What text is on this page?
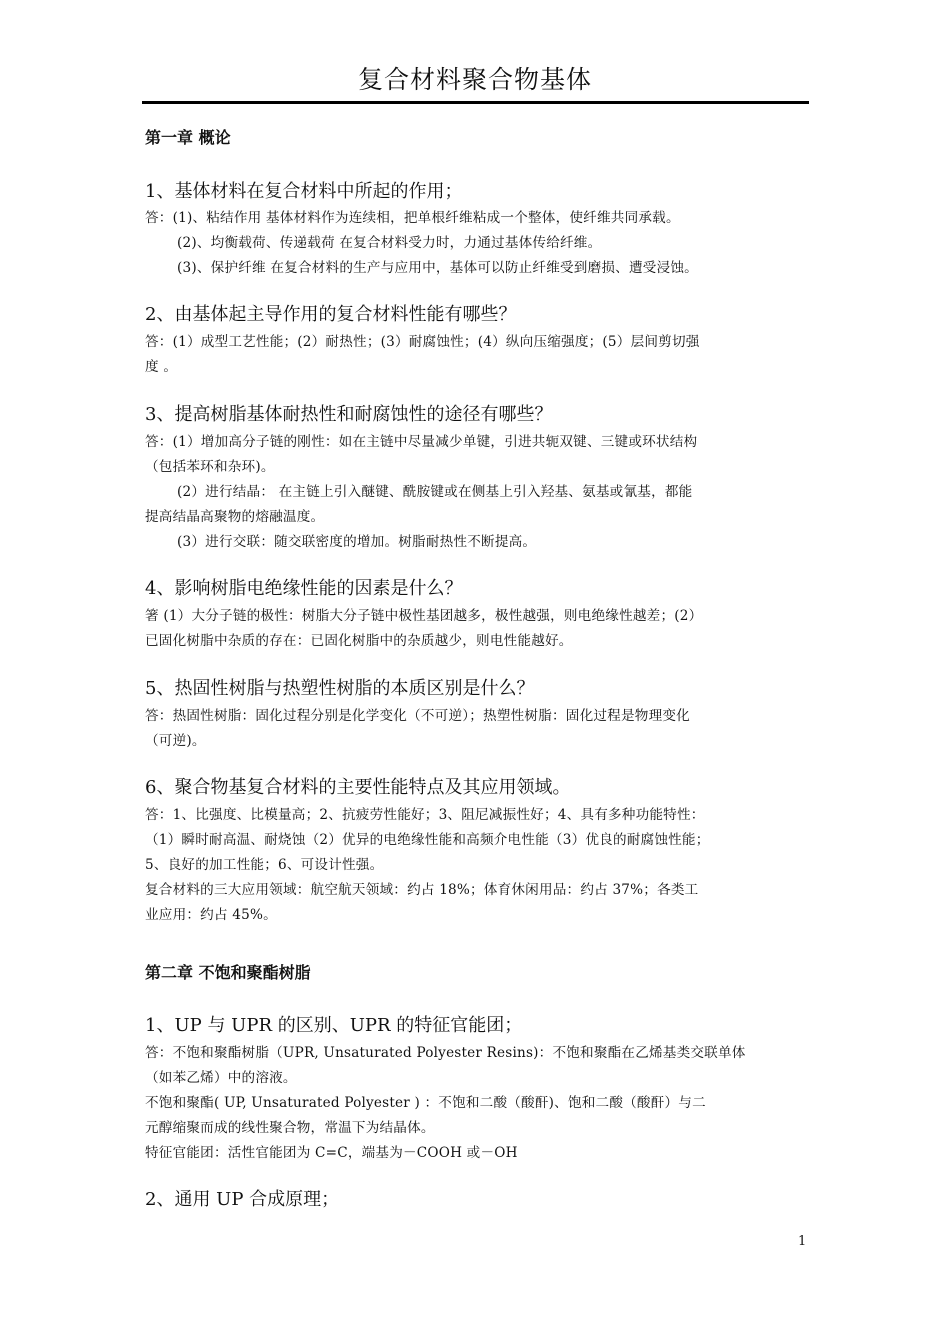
复合材料聚合物基体
第一章 概论
1、基体材料在复合材料中所起的作用；
答：(1)、粘结作用 基体材料作为连续相，把单根纤维粘成一个整体，使纤维共同承载。
(2)、均衡载荷、传递载荷 在复合材料受力时，力通过基体传给纤维。
(3)、保护纤维 在复合材料的生产与应用中，基体可以防止纤维受到磨损、遭受浸蚀。
2、由基体起主导作用的复合材料性能有哪些？
答：(1）成型工艺性能；(2）耐热性；(3）耐腐蚀性；(4）纵向压缩强度；(5）层间剪切强
度 。
3、提高树脂基体耐热性和耐腐蚀性的途径有哪些？
答：(1）增加高分子链的刚性：如在主链中尽量减少单键，引进共轭双键、三键或环状结构
（包括苯环和杂环)。
(2）进行结晶： 在主链上引入醚键、酰胺键或在侧基上引入羟基、氨基或氰基，都能
提高结晶高聚物的熔融温度。
(3）进行交联：随交联密度的增加。树脂耐热性不断提高。
4、影响树脂电绝缘性能的因素是什么？
箸 (1）大分子链的极性：树脂大分子链中极性基团越多，极性越强，则电绝缘性越差；(2）
已固化树脂中杂质的存在：已固化树脂中的杂质越少，则电性能越好。
5、热固性树脂与热塑性树脂的本质区别是什么？
答：热固性树脂：固化过程分别是化学变化（不可逆）；热塑性树脂：固化过程是物理变化
（可逆)。
6、聚合物基复合材料的主要性能特点及其应用领域。
答：1、比强度、比模量高；2、抗疲劳性能好；3、阻尼减振性好；4、具有多种功能特性：
（1）瞬时耐高温、耐烧蚀（2）优异的电绝缘性能和高频介电性能（3）优良的耐腐蚀性能；
5、良好的加工性能；6、可设计性强。
复合材料的三大应用领域：航空航天领域：约占 18%；体育休闲用品：约占 37%；各类工
业应用：约占 45%。
第二章 不饱和聚酯树脂
1、UP 与 UPR 的区别、UPR 的特征官能团；
答：不饱和聚酯树脂（UPR, Unsaturated Polyester Resins)：不饱和聚酯在乙烯基类交联单体
（如苯乙烯）中的溶液。
不饱和聚酯( UP, Unsaturated Polyester ) ：不饱和二酸（酸酐)、饱和二酸（酸酐）与二
元醇缩聚而成的线性聚合物，常温下为结晶体。
特征官能团：活性官能团为 C=C，端基为－COOH 或－OH
2、通用 UP 合成原理；
1
